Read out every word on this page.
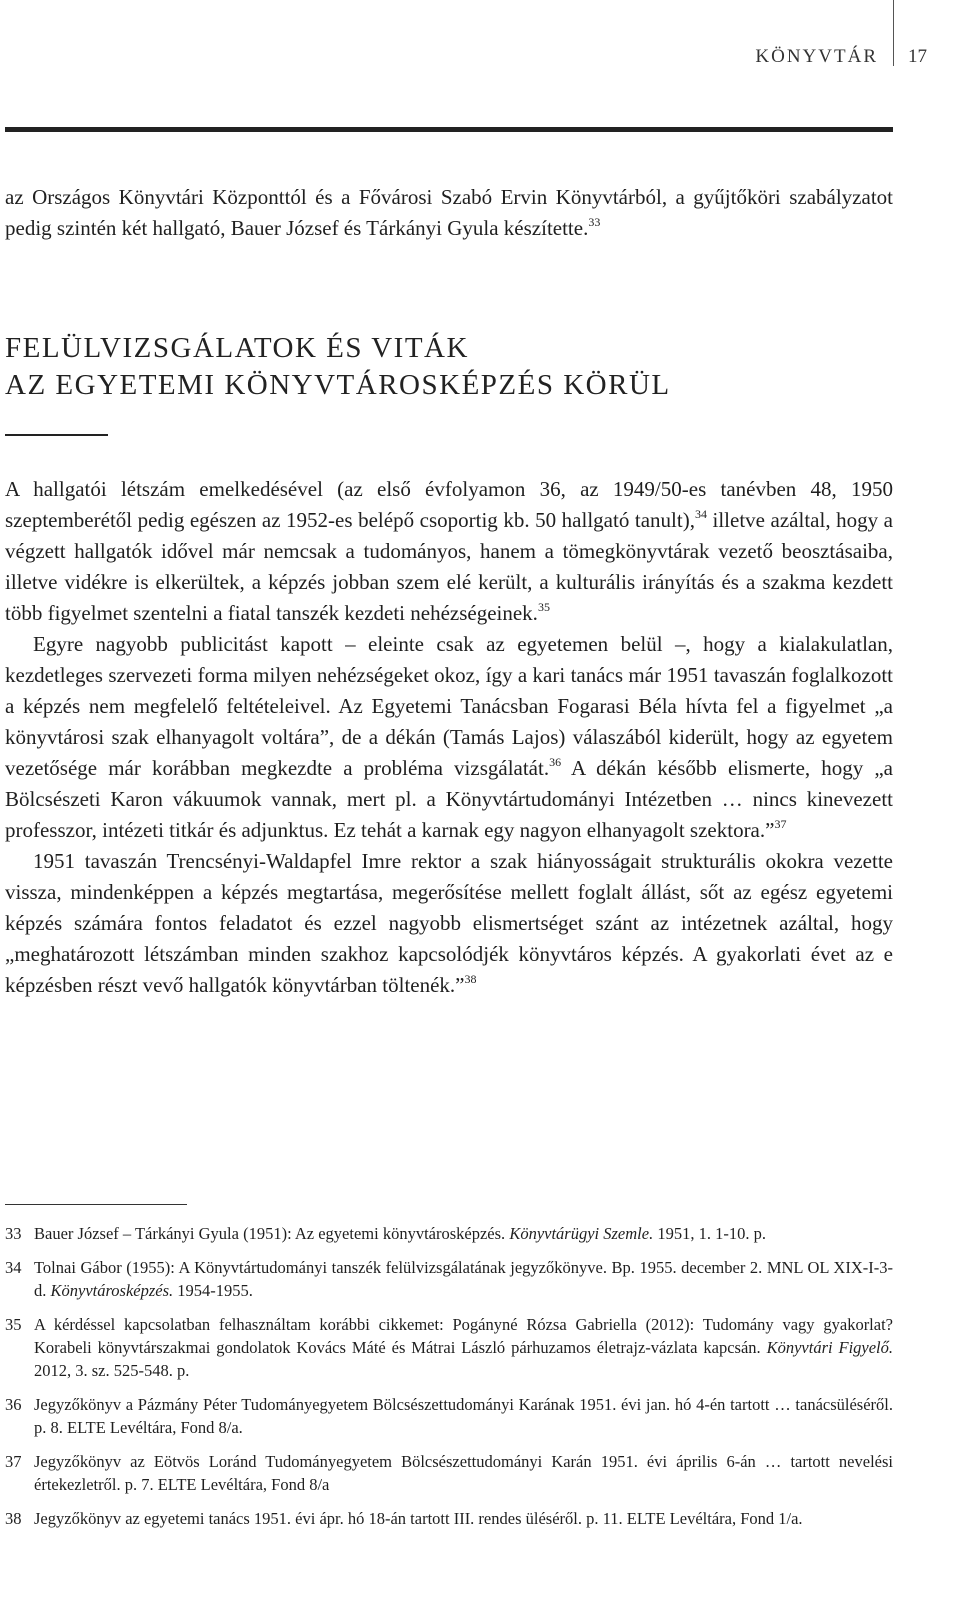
KÖNYVTÁR 17

az Országos Könyvtári Központtól és a Fővárosi Szabó Ervin Könyvtárból, a gyűjtőköri szabályzatot pedig szintén két hallgató, Bauer József és Tárkányi Gyula készítette.$^{33}$

FELÜLVIZSGÁLATOK ÉS VITÁK
AZ EGYETEMI KÖNYVTÁROSKÉPZÉS KÖRÜL

A hallgatói létszám emelkedésével (az első évfolyamon 36, az 1949/50-es tanévben 48, 1950 szeptemberétől pedig egészen az 1952-es belépő csoportig kb. 50 hallgató tanult),$^{34}$ illetve azáltal, hogy a végzett hallgatók idővel már nemcsak a tudományos, hanem a tömegkönyvtárak vezető beosztásaiba, illetve vidékre is elkerültek, a képzés jobban szem elé került, a kulturális irányítás és a szakma kezdett több figyelmet szentelni a fiatal tanszék kezdeti nehézségeinek.$^{35}$

Egyre nagyobb publicitást kapott – eleinte csak az egyetemen belül –, hogy a kialakulatlan, kezdetleges szervezeti forma milyen nehézségeket okoz, így a kari tanács már 1951 tavaszán foglalkozott a képzés nem megfelelő feltételeivel. Az Egyetemi Tanácsban Fogarasi Béla hívta fel a figyelmet „a könyvtárosi szak elhanyagolt voltára”, de a dékán (Tamás Lajos) válaszából kiderült, hogy az egyetem vezetősége már korábban megkezdte a probléma vizsgálatát.$^{36}$ A dékán később elismerte, hogy „a Bölcsészeti Karon vákuumok vannak, mert pl. a Könyvtártudományi Intézetben … nincs kinevezett professzor, intézeti titkár és adjunktus. Ez tehát a karnak egy nagyon elhanyagolt szektora.”$^{37}$

1951 tavaszán Trencsényi-Waldapfel Imre rektor a szak hiányosságait strukturális okokra vezette vissza, mindenképpen a képzés megtartása, megerősítése mellett foglalt állást, sőt az egész egyetemi képzés számára fontos feladatot és ezzel nagyobb elismertséget szánt az intézetnek azáltal, hogy „meghatározott létszámban minden szakhoz kapcsolódjék könyvtáros képzés. A gyakorlati évet az e képzésben részt vevő hallgatók könyvtárban töltenék.”$^{38}$

33 Bauer József – Tárkányi Gyula (1951): Az egyetemi könyvtárosképzés. Könyvtárügyi Szemle. 1951, 1. 1-10. p.
34 Tolnai Gábor (1955): A Könyvtártudományi tanszék felülvizsgálatának jegyzőkönyve. Bp. 1955. december 2. MNL OL XIX-I-3-d. Könyvtárosképzés. 1954-1955.
35 A kérdéssel kapcsolatban felhasználtam korábbi cikkemet: Pogányné Rózsa Gabriella (2012): Tudomány vagy gyakorlat? Korabeli könyvtárszakmai gondolatok Kovács Máté és Mátrai László párhuzamos életrajz-vázlata kapcsán. Könyvtári Figyelő. 2012, 3. sz. 525-548. p.
36 Jegyzőkönyv a Pázmány Péter Tudományegyetem Bölcsészettudományi Karának 1951. évi jan. hó 4-én tartott … tanácsüléséről. p. 8. ELTE Levéltára, Fond 8/a.
37 Jegyzőkönyv az Eötvös Loránd Tudományegyetem Bölcsészettudományi Karán 1951. évi április 6-án … tartott nevelési értekezletről. p. 7. ELTE Levéltára, Fond 8/a
38 Jegyzőkönyv az egyetemi tanács 1951. évi ápr. hó 18-án tartott III. rendes üléséről. p. 11. ELTE Levéltára, Fond 1/a.
